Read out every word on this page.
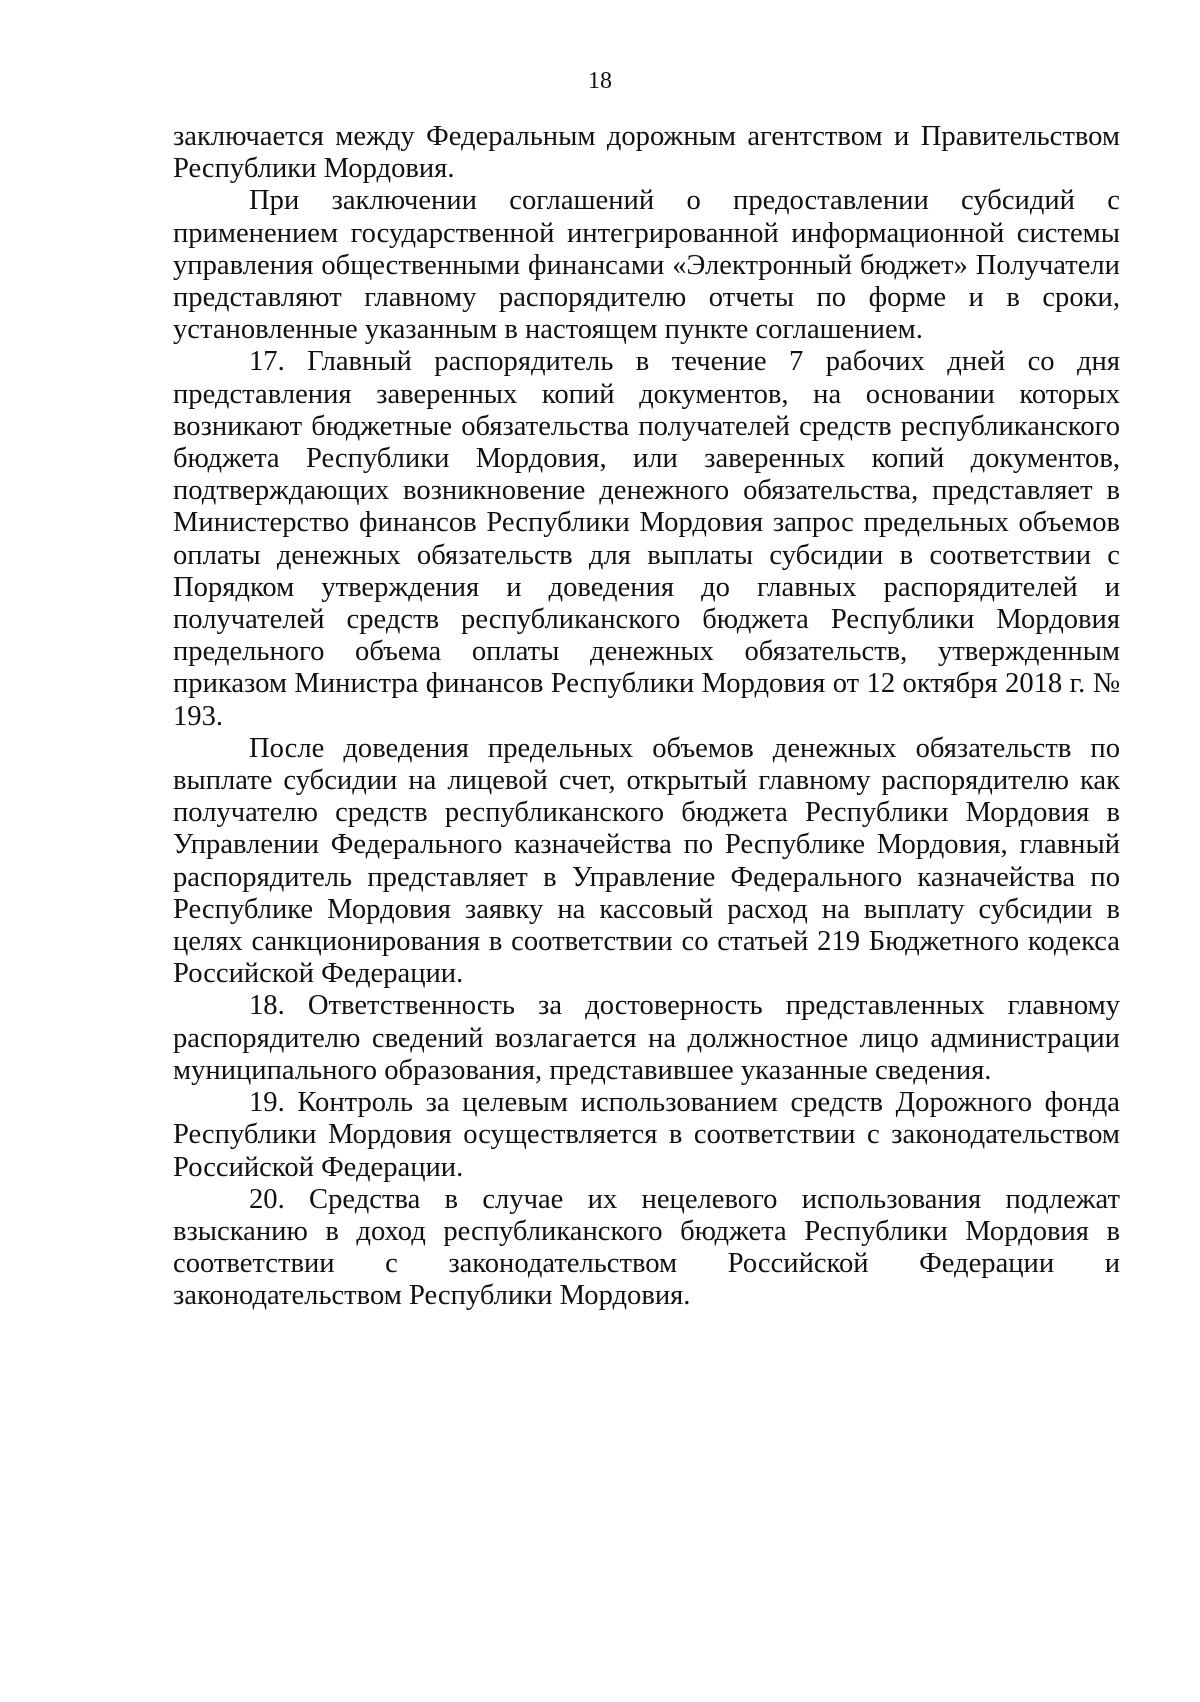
18

заключается между Федеральным дорожным агентством и Правительством Республики Мордовия.

При заключении соглашений о предоставлении субсидий с применением государственной интегрированной информационной системы управления общественными финансами «Электронный бюджет» Получатели представляют главному распорядителю отчеты по форме и в сроки, установленные указанным в настоящем пункте соглашением.

17. Главный распорядитель в течение 7 рабочих дней со дня представления заверенных копий документов, на основании которых возникают бюджетные обязательства получателей средств республиканского бюджета Республики Мордовия, или заверенных копий документов, подтверждающих возникновение денежного обязательства, представляет в Министерство финансов Республики Мордовия запрос предельных объемов оплаты денежных обязательств для выплаты субсидии в соответствии с Порядком утверждения и доведения до главных распорядителей и получателей средств республиканского бюджета Республики Мордовия предельного объема оплаты денежных обязательств, утвержденным приказом Министра финансов Республики Мордовия от 12 октября 2018 г. № 193.

После доведения предельных объемов денежных обязательств по выплате субсидии на лицевой счет, открытый главному распорядителю как получателю средств республиканского бюджета Республики Мордовия в Управлении Федерального казначейства по Республике Мордовия, главный распорядитель представляет в Управление Федерального казначейства по Республике Мордовия заявку на кассовый расход на выплату субсидии в целях санкционирования в соответствии со статьей 219 Бюджетного кодекса Российской Федерации.

18. Ответственность за достоверность представленных главному распорядителю сведений возлагается на должностное лицо администрации муниципального образования, представившее указанные сведения.

19. Контроль за целевым использованием средств Дорожного фонда Республики Мордовия осуществляется в соответствии с законодательством Российской Федерации.

20. Средства в случае их нецелевого использования подлежат взысканию в доход республиканского бюджета Республики Мордовия в соответствии с законодательством Российской Федерации и законодательством Республики Мордовия.
